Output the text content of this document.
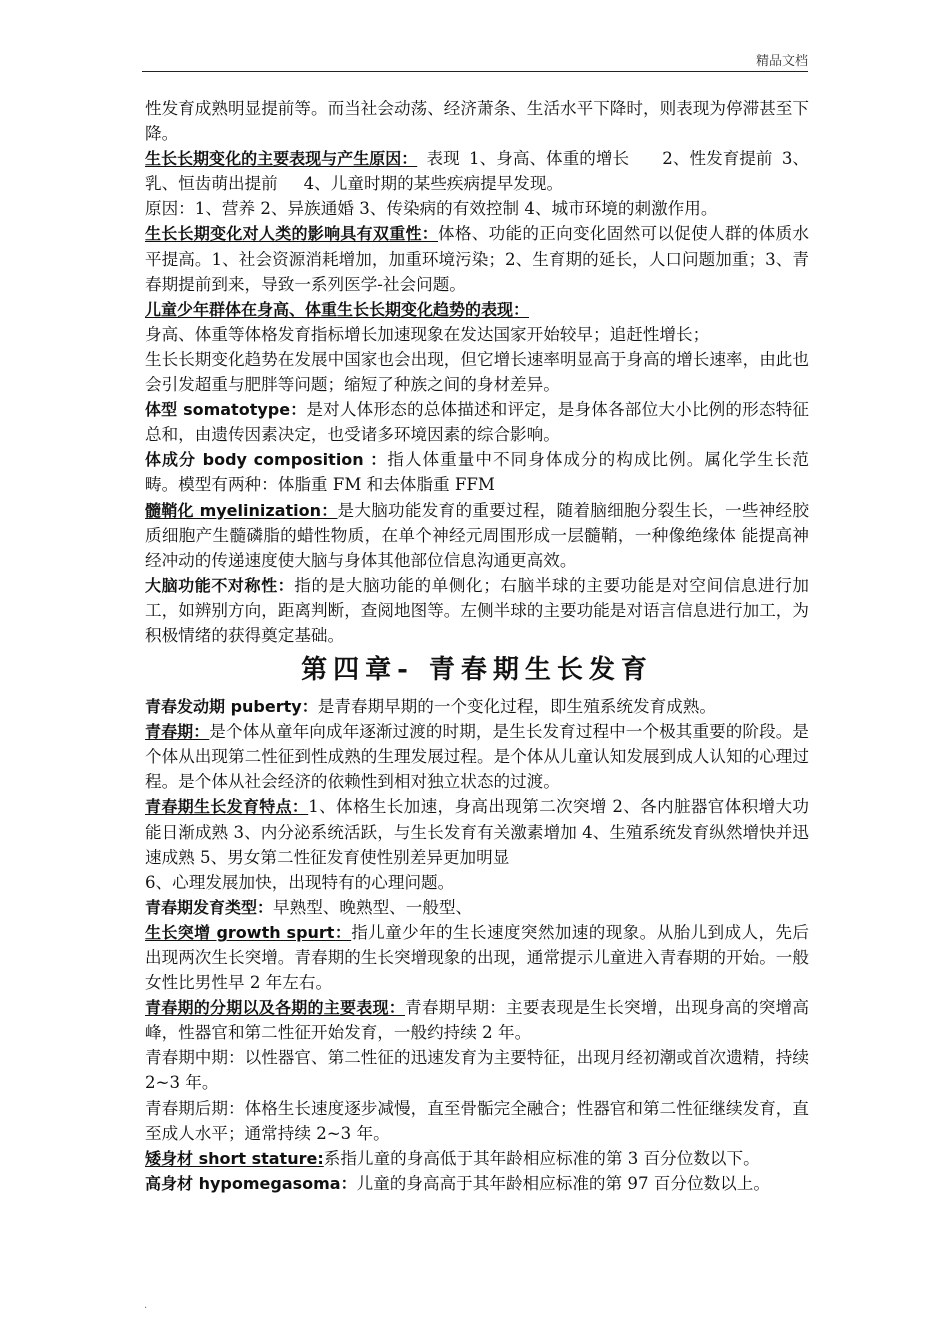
精品文档

性发育成熟明显提前等。而当社会动荡、经济萧条、生活水平下降时，则表现为停滞甚至下降。

生长长期变化的主要表现与产生原因： 表现 1、身高、体重的增长　　2、性发育提前 3、乳、恒齿萌出提前　 4、儿童时期的某些疾病提早发现。

原因：1、营养 2、异族通婚 3、传染病的有效控制 4、城市环境的刺激作用。

生长长期变化对人类的影响具有双重性：体格、功能的正向变化固然可以促使人群的体质水平提高。1、社会资源消耗增加，加重环境污染；2、生育期的延长，人口问题加重；3、青春期提前到来，导致一系列医学-社会问题。

儿童少年群体在身高、体重生长长期变化趋势的表现：

身高、体重等体格发育指标增长加速现象在发达国家开始较早；追赶性增长；

生长长期变化趋势在发展中国家也会出现，但它增长速率明显高于身高的增长速率，由此也会引发超重与肥胖等问题；缩短了种族之间的身材差异。

体型 somatotype：是对人体形态的总体描述和评定，是身体各部位大小比例的形态特征总和，由遗传因素决定，也受诸多环境因素的综合影响。

体成分 body composition ：指人体重量中不同身体成分的构成比例。属化学生长范畴。模型有两种：体脂重 FM 和去体脂重 FFM

髓鞘化 myelinization：是大脑功能发育的重要过程，随着脑细胞分裂生长，一些神经胶质细胞产生髓磷脂的蜡性物质，在单个神经元周围形成一层髓鞘，一种像绝缘体 能提高神经冲动的传递速度使大脑与身体其他部位信息沟通更高效。

大脑功能不对称性：指的是大脑功能的单侧化；右脑半球的主要功能是对空间信息进行加工，如辨别方向，距离判断，查阅地图等。左侧半球的主要功能是对语言信息进行加工，为积极情绪的获得奠定基础。

第四章- 青春期生长发育

青春发动期 puberty：是青春期早期的一个变化过程，即生殖系统发育成熟。

青春期：是个体从童年向成年逐渐过渡的时期，是生长发育过程中一个极其重要的阶段。是个体从出现第二性征到性成熟的生理发展过程。是个体从儿童认知发展到成人认知的心理过程。是个体从社会经济的依赖性到相对独立状态的过渡。

青春期生长发育特点：1、体格生长加速，身高出现第二次突增 2、各内脏器官体积增大功能日渐成熟 3、内分泌系统活跃，与生长发育有关激素增加 4、生殖系统发育纵然增快并迅速成熟 5、男女第二性征发育使性别差异更加明显

6、心理发展加快，出现特有的心理问题。

青春期发育类型：早熟型、晚熟型、一般型、

生长突增 growth spurt：指儿童少年的生长速度突然加速的现象。从胎儿到成人，先后出现两次生长突增。青春期的生长突增现象的出现，通常提示儿童进入青春期的开始。一般女性比男性早 2 年左右。

青春期的分期以及各期的主要表现：青春期早期：主要表现是生长突增，出现身高的突增高峰，性器官和第二性征开始发育，一般约持续 2 年。

青春期中期：以性器官、第二性征的迅速发育为主要特征，出现月经初潮或首次遗精，持续 2~3 年。

青春期后期：体格生长速度逐步减慢，直至骨骺完全融合；性器官和第二性征继续发育，直至成人水平；通常持续 2~3 年。

矮身材 short stature:系指儿童的身高低于其年龄相应标准的第 3 百分位数以下。

高身材 hypomegasoma：儿童的身高高于其年龄相应标准的第 97 百分位数以上。

.
